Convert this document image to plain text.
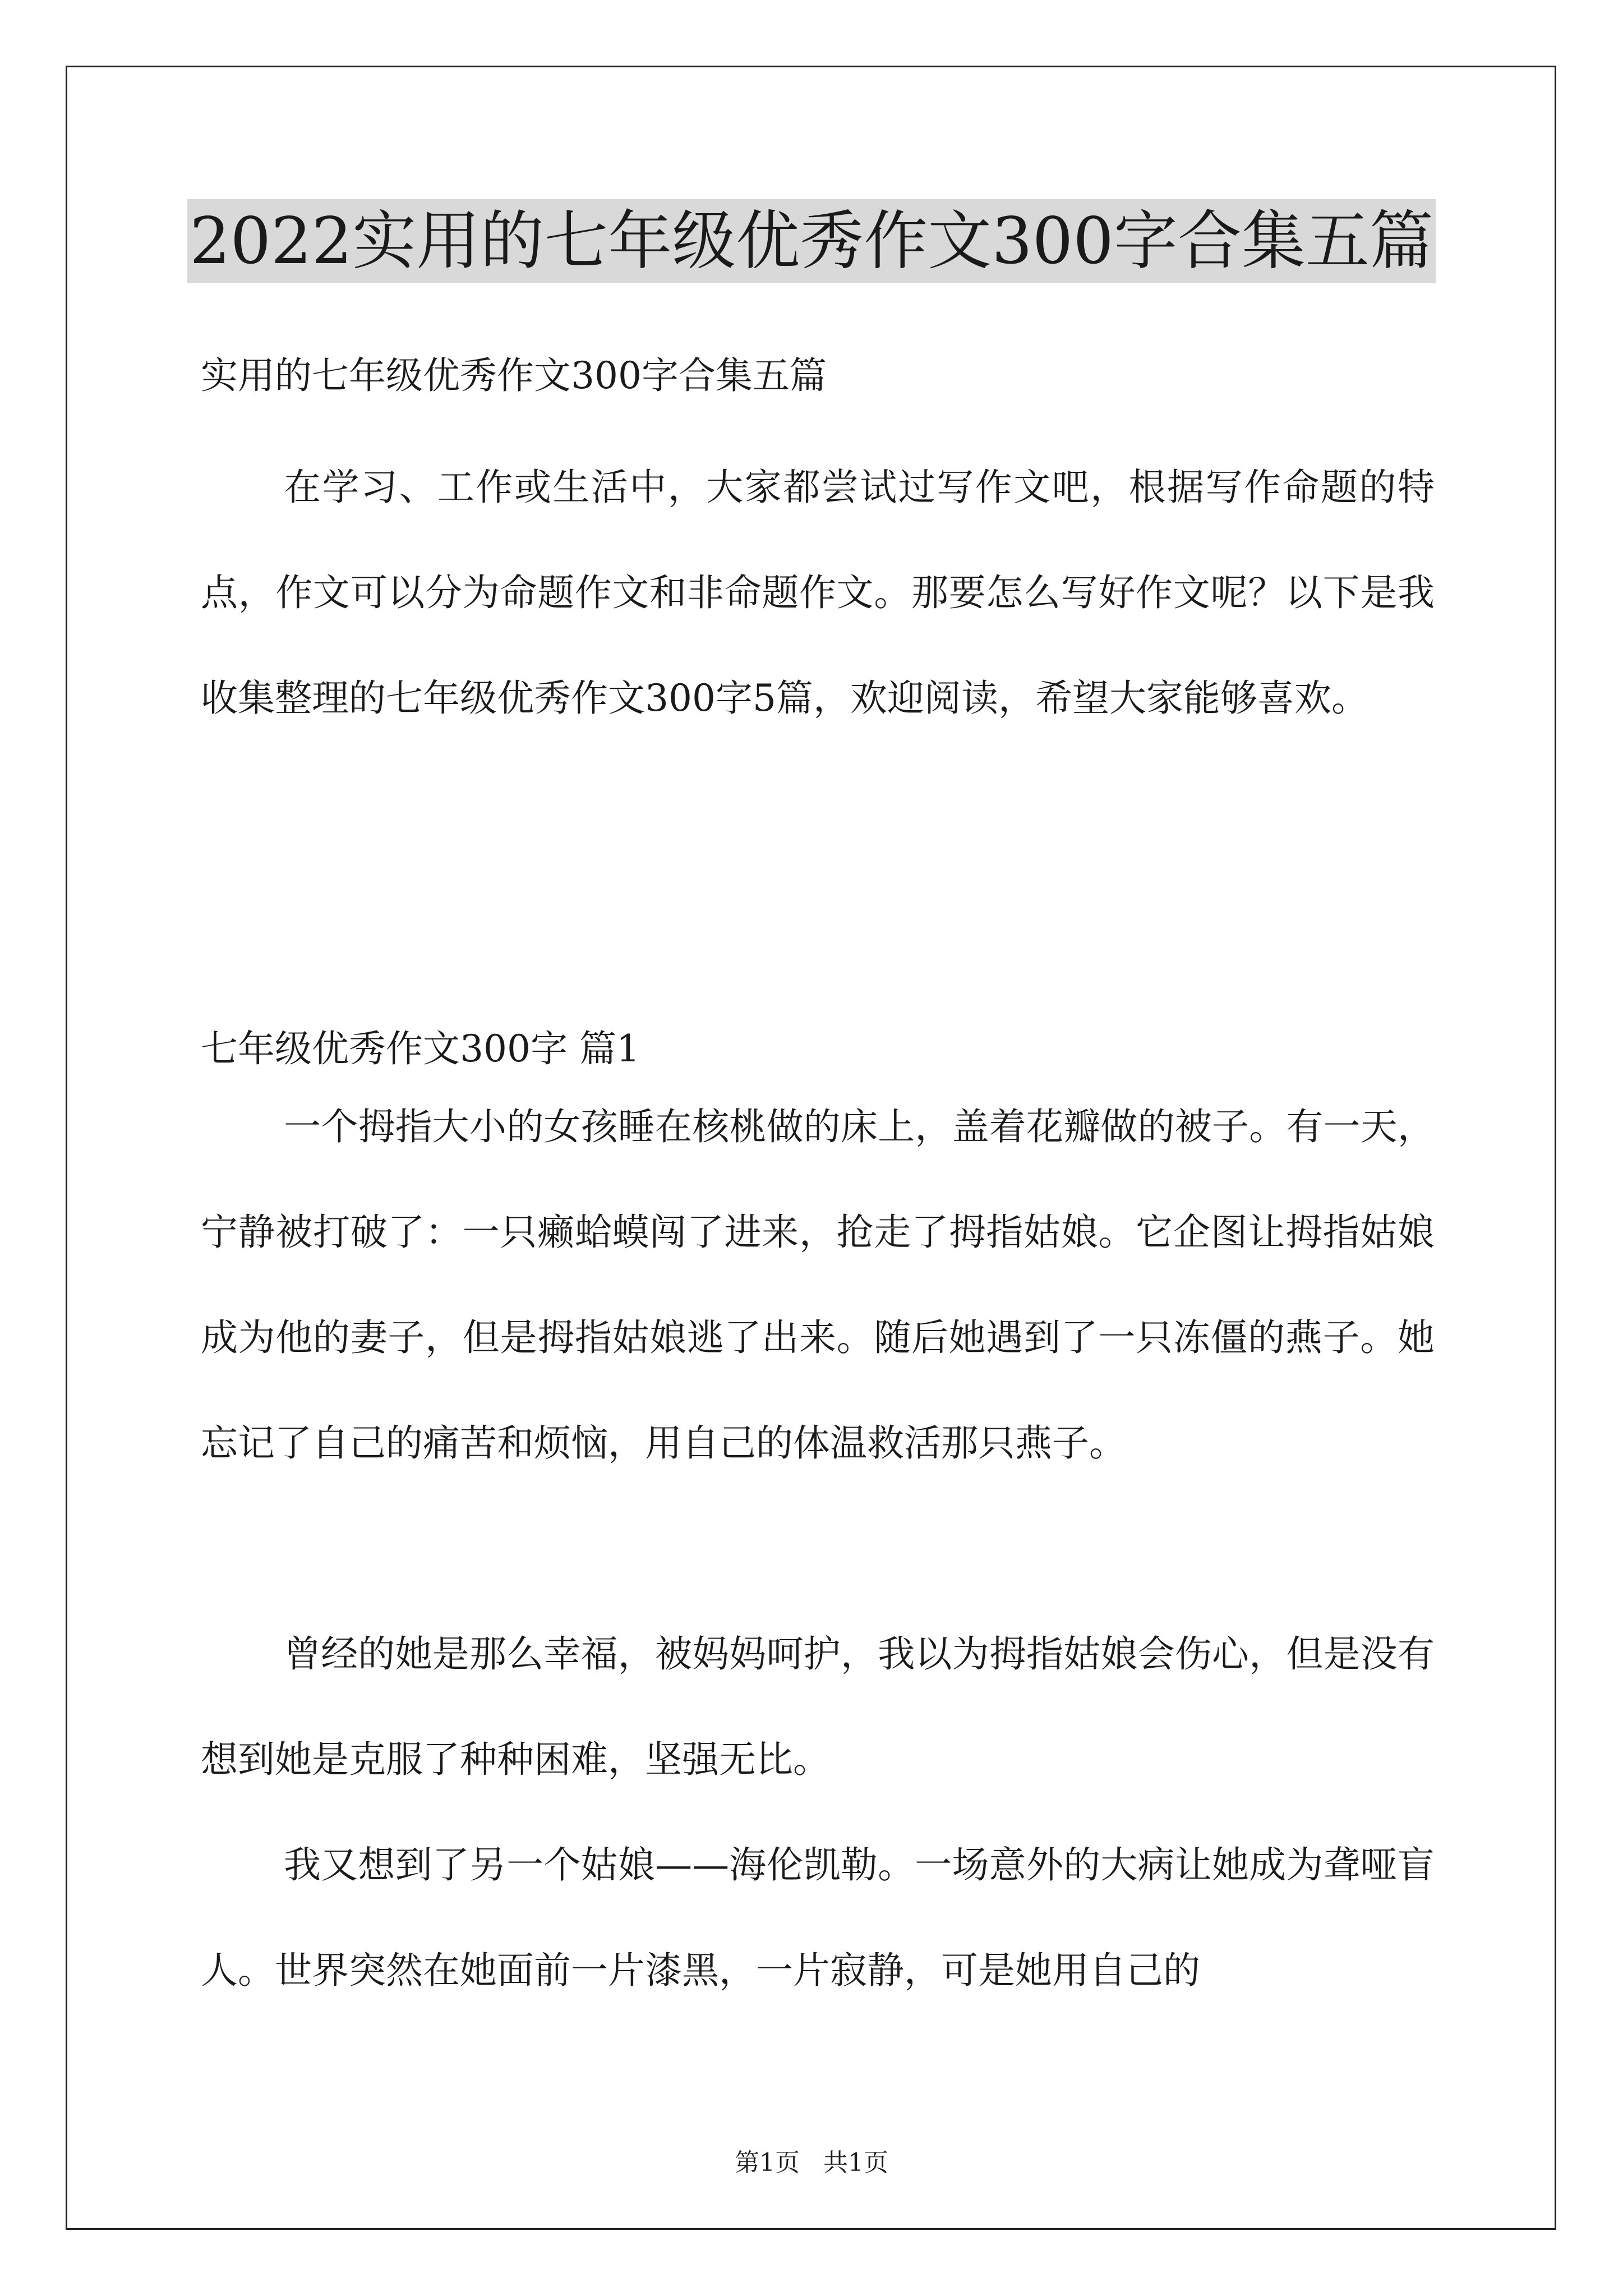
2022实用的七年级优秀作文300字合集五篇
实用的七年级优秀作文300字合集五篇

在学习、工作或生活中，大家都尝试过写作文吧，根据写作命题的特点，作文可以分为命题作文和非命题作文。那要怎么写好作文呢？以下是我收集整理的七年级优秀作文300字5篇，欢迎阅读，希望大家能够喜欢。

七年级优秀作文300字 篇1

一个拇指大小的女孩睡在核桃做的床上，盖着花瓣做的被子。有一天，宁静被打破了：一只癞蛤蟆闯了进来，抢走了拇指姑娘。它企图让拇指姑娘成为他的妻子，但是拇指姑娘逃了出来。随后她遇到了一只冻僵的燕子。她忘记了自己的痛苦和烦恼，用自己的体温救活那只燕子。

曾经的她是那么幸福，被妈妈呵护，我以为拇指姑娘会伤心，但是没有想到她是克服了种种困难，坚强无比。

我又想到了另一个姑娘——海伦凯勒。一场意外的大病让她成为聋哑盲人。世界突然在她面前一片漆黑，一片寂静，可是她用自己的

第1页   共1页
